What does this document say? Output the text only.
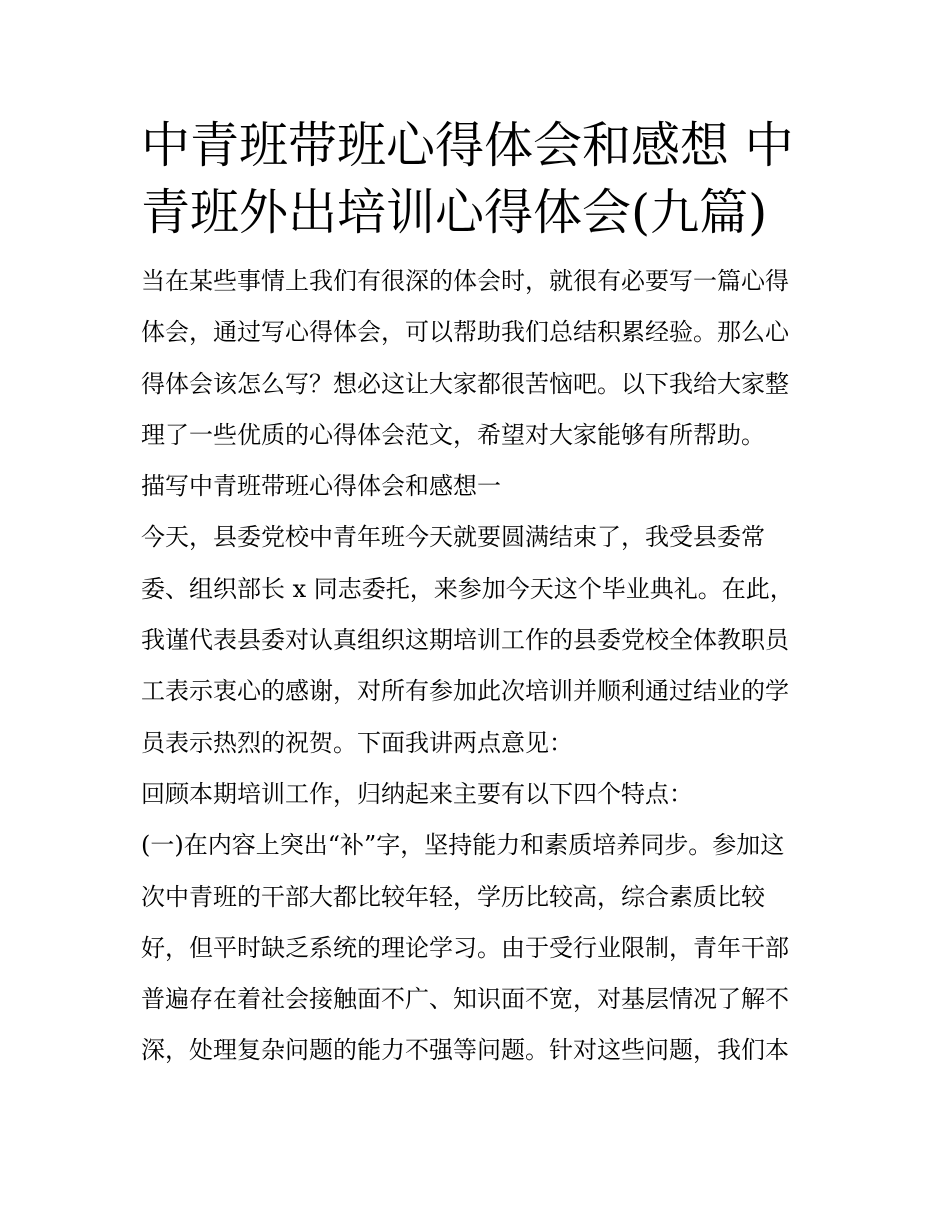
中青班带班心得体会和感想 中
青班外出培训心得体会(九篇)
当在某些事情上我们有很深的体会时，就很有必要写一篇心得
体会，通过写心得体会，可以帮助我们总结积累经验。那么心
得体会该怎么写？想必这让大家都很苦恼吧。以下我给大家整
理了一些优质的心得体会范文，希望对大家能够有所帮助。
描写中青班带班心得体会和感想一
今天，县委党校中青年班今天就要圆满结束了，我受县委常
委、组织部长 x 同志委托，来参加今天这个毕业典礼。在此，
我谨代表县委对认真组织这期培训工作的县委党校全体教职员
工表示衷心的感谢，对所有参加此次培训并顺利通过结业的学
员表示热烈的祝贺。下面我讲两点意见：
回顾本期培训工作，归纳起来主要有以下四个特点：
(一)在内容上突出“补”字，坚持能力和素质培养同步。参加这
次中青班的干部大都比较年轻，学历比较高，综合素质比较
好，但平时缺乏系统的理论学习。由于受行业限制，青年干部
普遍存在着社会接触面不广、知识面不宽，对基层情况了解不
深，处理复杂问题的能力不强等问题。针对这些问题，我们本
